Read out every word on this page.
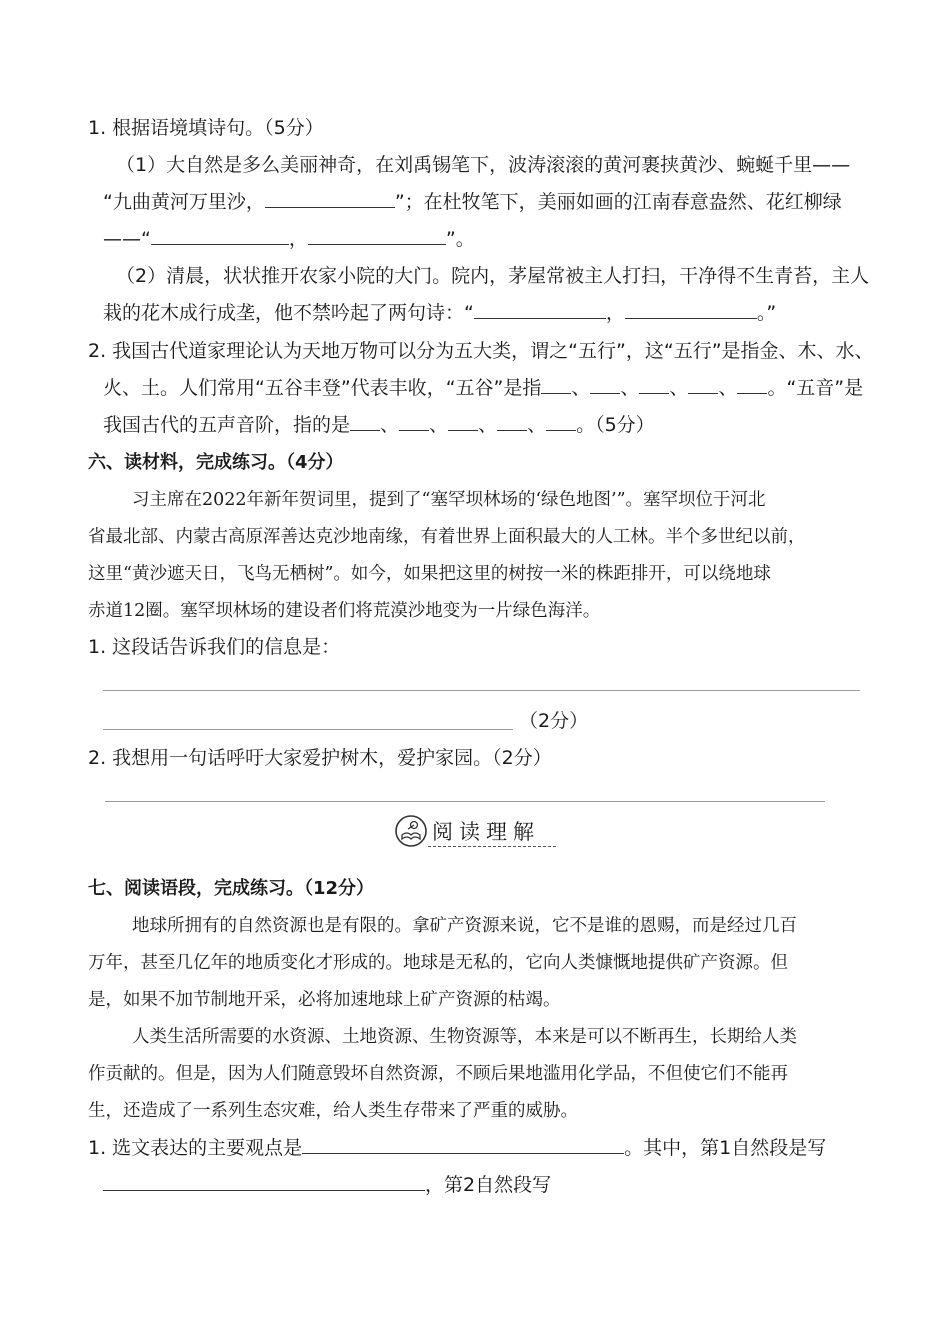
1. 根据语境填诗句。（5分）
（1）大自然是多么美丽神奇，在刘禹锡笔下，波涛滚滚的黄河裹挟黄沙、蜿蜒千里——
“九曲黄河万里沙，	”；在杜牧笔下，美丽如画的江南春意盎然、花红柳绿
——“	，	”。
（2）清晨，状状推开农家小院的大门。院内，茅屋常被主人打扫，干净得不生青苔，主人
栽的花木成行成垄，他不禁吟起了两句诗：“	，	。”
2. 我国古代道家理论认为天地万物可以分为五大类，谓之“五行”，这“五行”是指金、木、水、
火、土。人们常用“五谷丰登”代表丰收，“五谷”是指 、 、 、 、 。“五音”是
我国古代的五声音阶，指的是 、 、 、 、 。（5分）
六、读材料，完成练习。（4分）
习主席在2022年新年贺词里，提到了“塞罕坝林场的‘绿色地图’”。塞罕坝位于河北
省最北部、内蒙古高原浑善达克沙地南缘，有着世界上面积最大的人工林。半个多世纪以前，
这里“黄沙遮天日，飞鸟无栖树”。如今，如果把这里的树按一米的株距排开，可以绕地球
赤道12圈。塞罕坝林场的建设者们将荒漠沙地变为一片绿色海洋。
1. 这段话告诉我们的信息是：
（2分）
2. 我想用一句话呼吁大家爱护树木，爱护家园。（2分）
阅读理解
七、阅读语段，完成练习。（12分）
地球所拥有的自然资源也是有限的。拿矿产资源来说，它不是谁的恩赐，而是经过几百
万年，甚至几亿年的地质变化才形成的。地球是无私的，它向人类慷慨地提供矿产资源。但
是，如果不加节制地开采，必将加速地球上矿产资源的枯竭。
人类生活所需要的水资源、土地资源、生物资源等，本来是可以不断再生，长期给人类
作贡献的。但是，因为人们随意毁坏自然资源，不顾后果地滥用化学品，不但使它们不能再
生，还造成了一系列生态灾难，给人类生存带来了严重的威胁。
1. 选文表达的主要观点是	。其中，第1自然段是写
，第2自然段写
